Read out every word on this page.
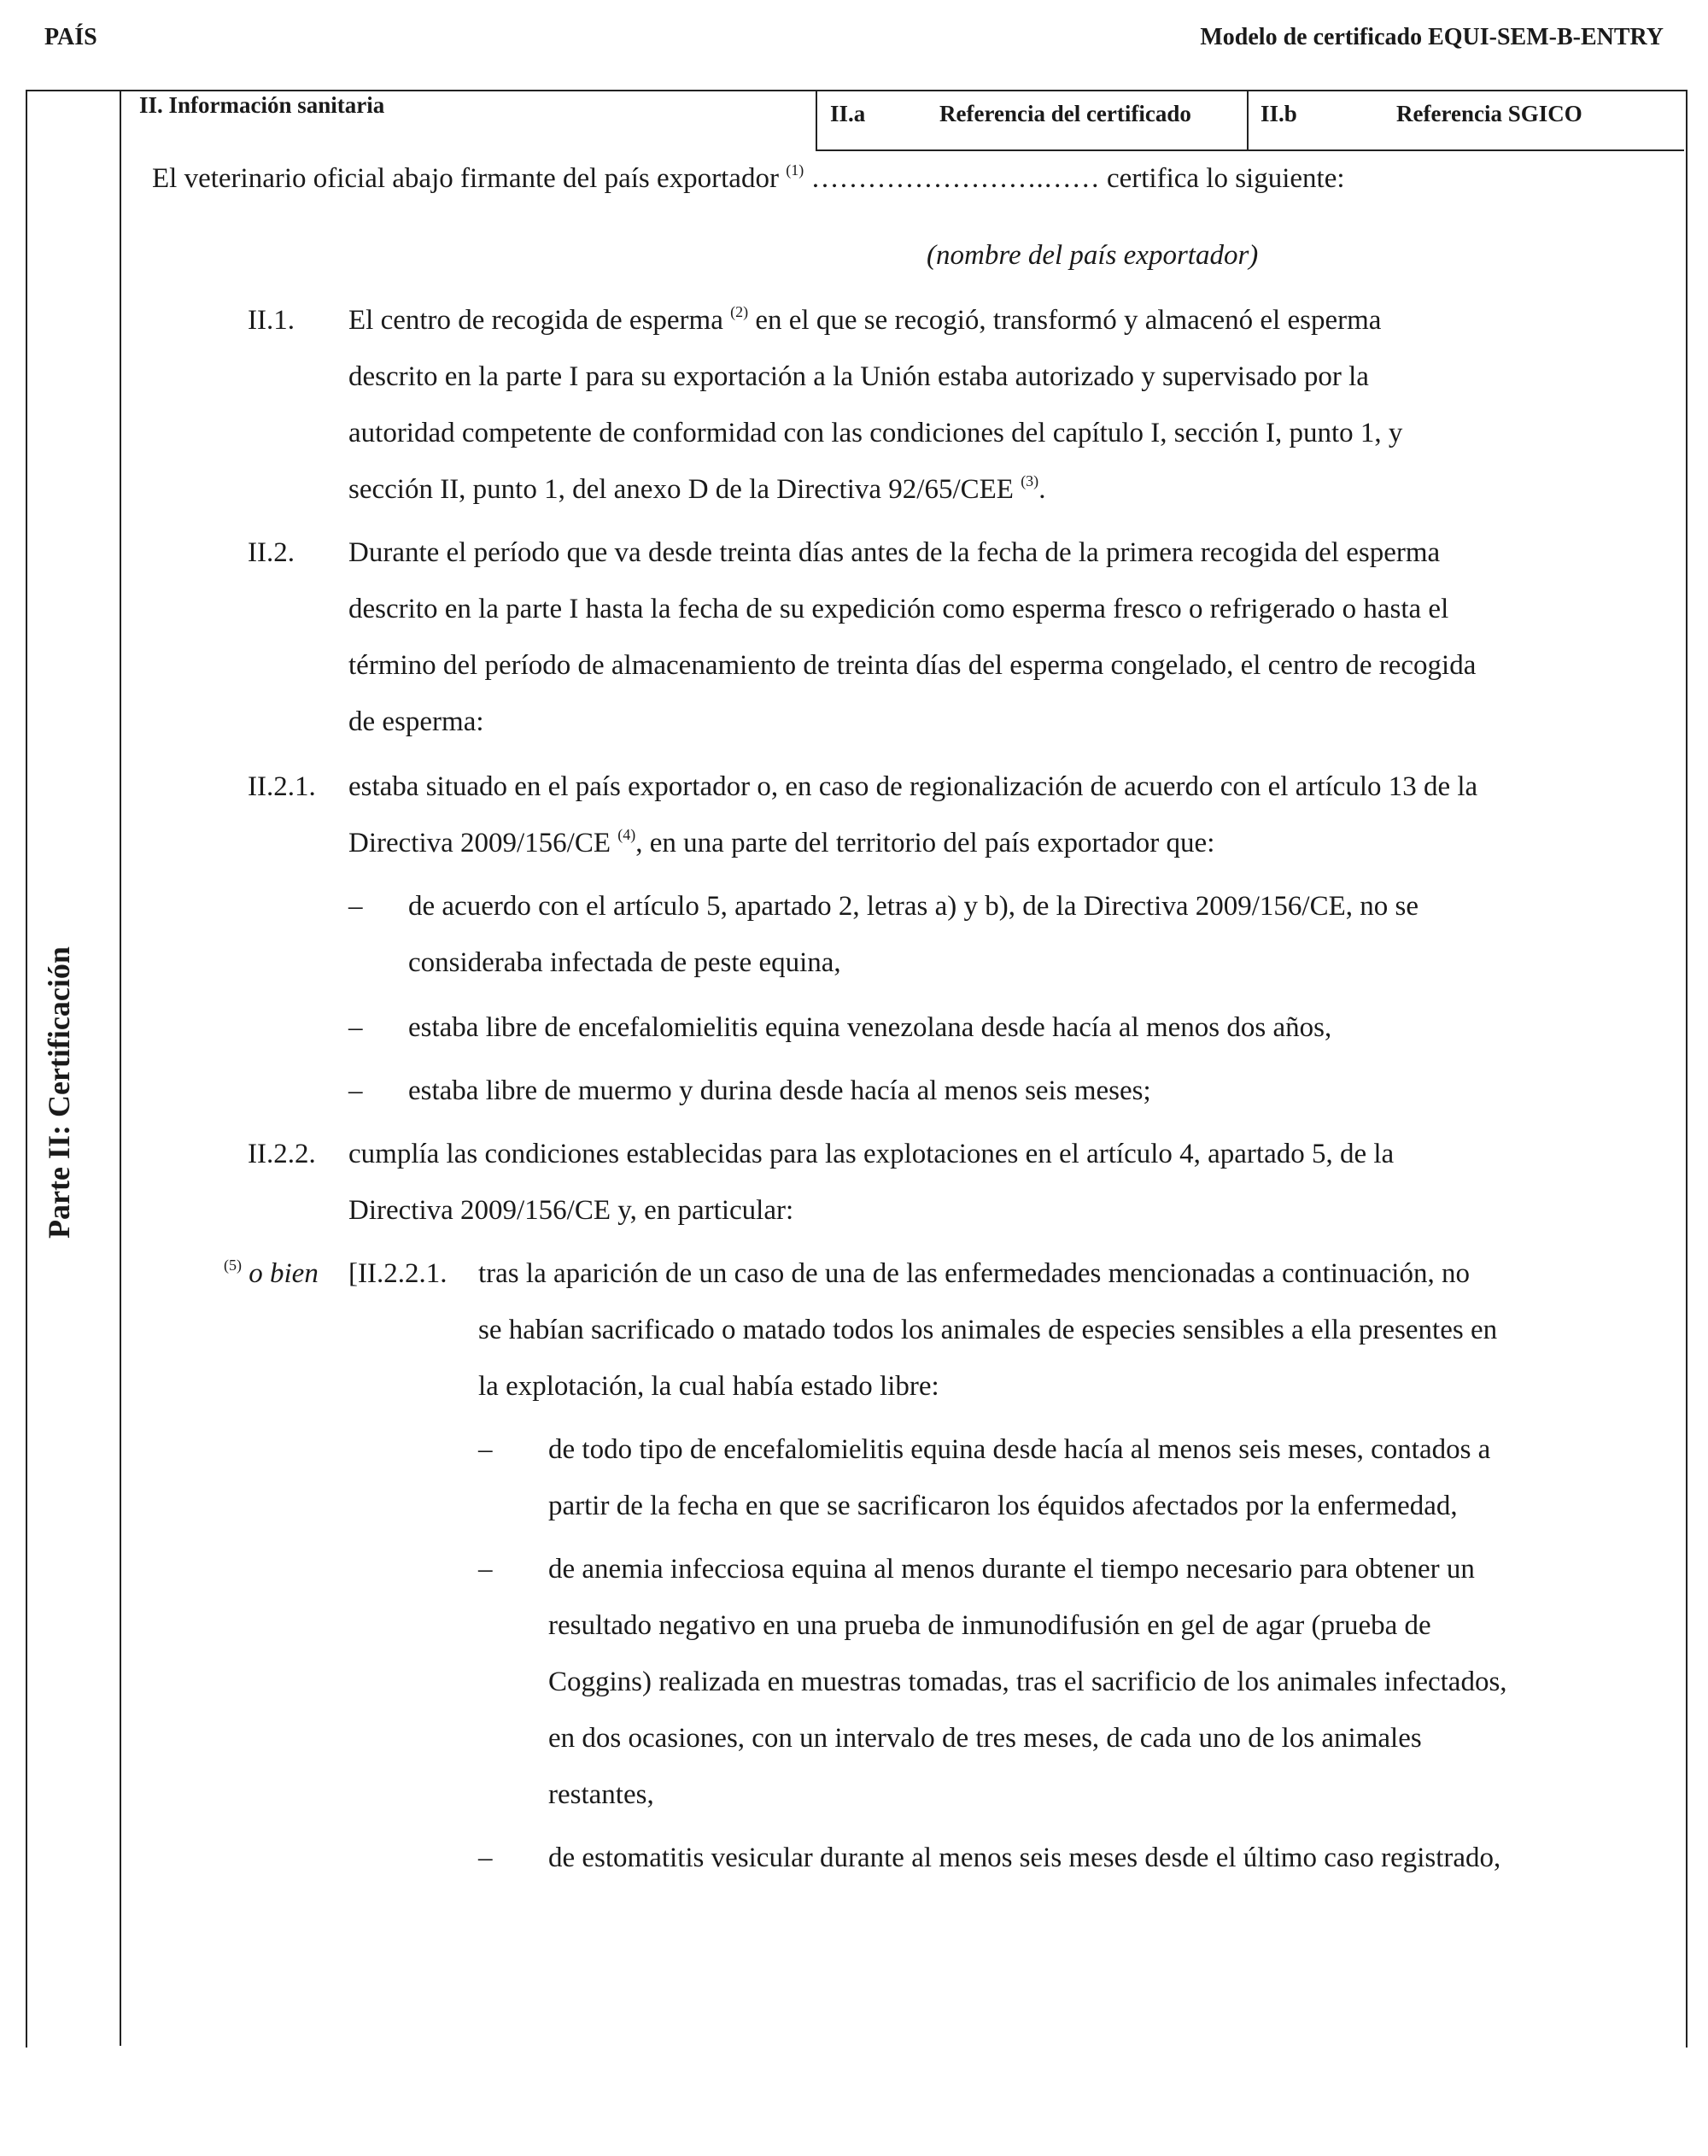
PAÍS	Modelo de certificado EQUI-SEM-B-ENTRY
Parte II: Certificación
II. Información sanitaria	II.a	Referencia del certificado	II.b	Referencia SGICO
El veterinario oficial abajo firmante del país exportador $^{(1)}$ …………………….…… certifica lo siguiente:
(nombre del país exportador)
II.1. El centro de recogida de esperma $^{(2)}$ en el que se recogió, transformó y almacenó el esperma
descrito en la parte I para su exportación a la Unión estaba autorizado y supervisado por la
autoridad competente de conformidad con las condiciones del capítulo I, sección I, punto 1, y
sección II, punto 1, del anexo D de la Directiva 92/65/CEE $^{(3)}$.
II.2. Durante el período que va desde treinta días antes de la fecha de la primera recogida del esperma
descrito en la parte I hasta la fecha de su expedición como esperma fresco o refrigerado o hasta el
término del período de almacenamiento de treinta días del esperma congelado, el centro de recogida
de esperma:
II.2.1. estaba situado en el país exportador o, en caso de regionalización de acuerdo con el artículo 13 de la
Directiva 2009/156/CE $^{(4)}$, en una parte del territorio del país exportador que:
– de acuerdo con el artículo 5, apartado 2, letras a) y b), de la Directiva 2009/156/CE, no se
consideraba infectada de peste equina,
– estaba libre de encefalomielitis equina venezolana desde hacía al menos dos años,
– estaba libre de muermo y durina desde hacía al menos seis meses;
II.2.2. cumplía las condiciones establecidas para las explotaciones en el artículo 4, apartado 5, de la
Directiva 2009/156/CE y, en particular:
$^{(5)}$ o bien [II.2.2.1. tras la aparición de un caso de una de las enfermedades mencionadas a continuación, no
se habían sacrificado o matado todos los animales de especies sensibles a ella presentes en
la explotación, la cual había estado libre:
– de todo tipo de encefalomielitis equina desde hacía al menos seis meses, contados a
partir de la fecha en que se sacrificaron los équidos afectados por la enfermedad,
– de anemia infecciosa equina al menos durante el tiempo necesario para obtener un
resultado negativo en una prueba de inmunodifusión en gel de agar (prueba de
Coggins) realizada en muestras tomadas, tras el sacrificio de los animales infectados,
en dos ocasiones, con un intervalo de tres meses, de cada uno de los animales
restantes,
– de estomatitis vesicular durante al menos seis meses desde el último caso registrado,
